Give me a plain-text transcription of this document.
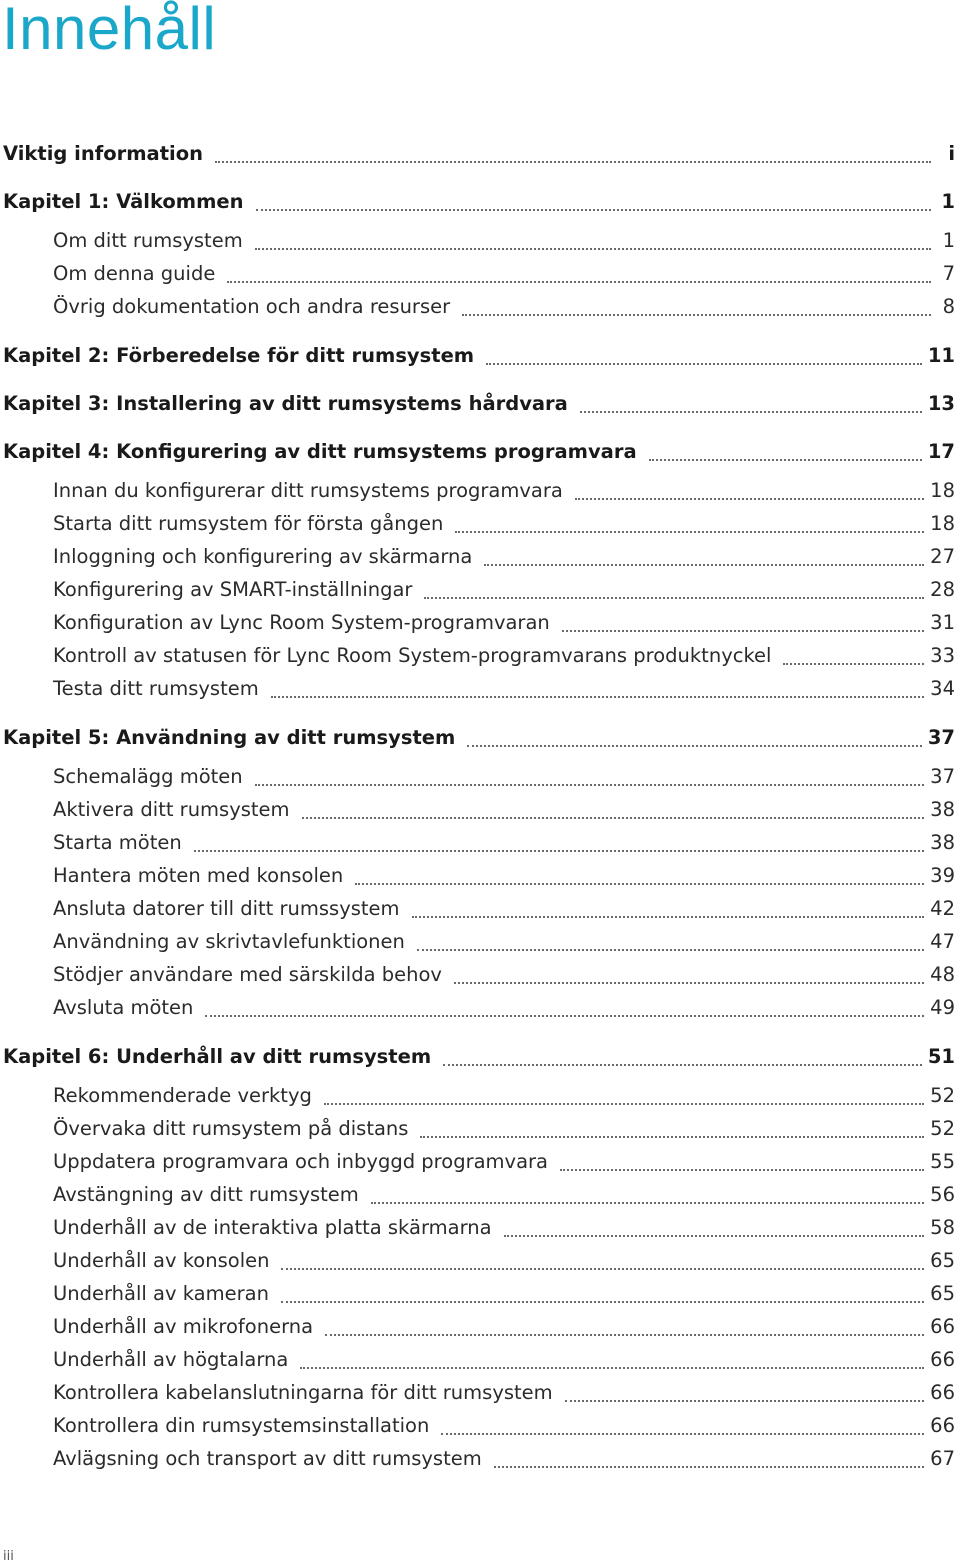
Innehåll
Viktig information	i
Kapitel 1: Välkommen	1
Om ditt rumsystem	1
Om denna guide	7
Övrig dokumentation och andra resurser	8
Kapitel 2: Förberedelse för ditt rumsystem	11
Kapitel 3: Installering av ditt rumsystems hårdvara	13
Kapitel 4: Konfigurering av ditt rumsystems programvara	17
Innan du konfigurerar ditt rumsystems programvara	18
Starta ditt rumsystem för första gången	18
Inloggning och konfigurering av skärmarna	27
Konfigurering av SMART-inställningar	28
Konfiguration av Lync Room System-programvaran	31
Kontroll av statusen för Lync Room System-programvarans produktnyckel	33
Testa ditt rumsystem	34
Kapitel 5: Användning av ditt rumsystem	37
Schemalägg möten	37
Aktivera ditt rumsystem	38
Starta möten	38
Hantera möten med konsolen	39
Ansluta datorer till ditt rumssystem	42
Användning av skrivtavlefunktionen	47
Stödjer användare med särskilda behov	48
Avsluta möten	49
Kapitel 6: Underhåll av ditt rumsystem	51
Rekommenderade verktyg	52
Övervaka ditt rumsystem på distans	52
Uppdatera programvara och inbyggd programvara	55
Avstängning av ditt rumsystem	56
Underhåll av de interaktiva platta skärmarna	58
Underhåll av konsolen	65
Underhåll av kameran	65
Underhåll av mikrofonerna	66
Underhåll av högtalarna	66
Kontrollera kabelanslutningarna för ditt rumsystem	66
Kontrollera din rumsystemsinstallation	66
Avlägsning och transport av ditt rumsystem	67
iii
